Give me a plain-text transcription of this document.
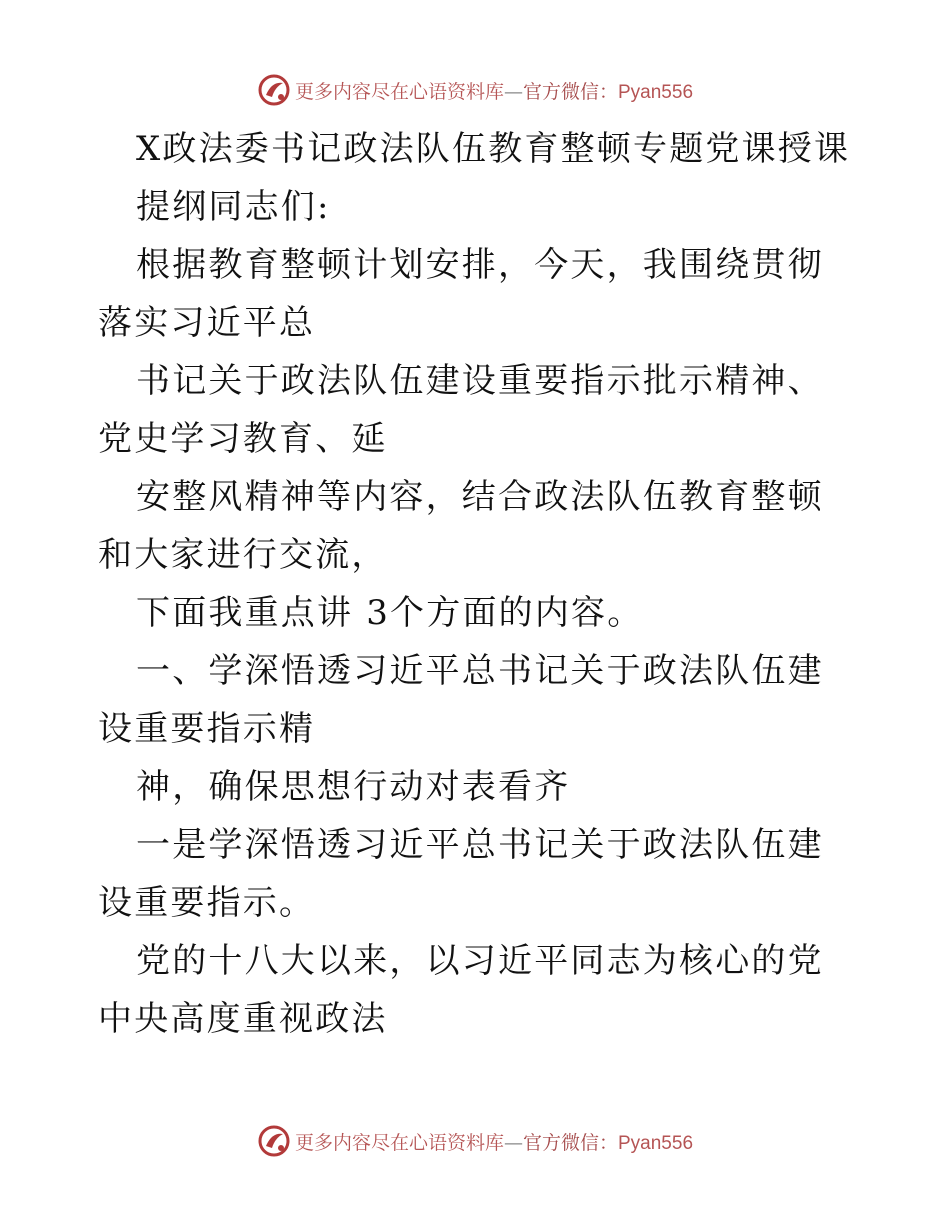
更多内容尽在心语资料库—官方微信：Pyan556

X政法委书记政法队伍教育整顿专题党课授课

提纲同志们:

根据教育整顿计划安排，今天，我围绕贯彻落实习近平总

书记关于政法队伍建设重要指示批示精神、党史学习教育、延

安整风精神等内容，结合政法队伍教育整顿和大家进行交流，

下面我重点讲 3个方面的内容。

一、学深悟透习近平总书记关于政法队伍建设重要指示精

神，确保思想行动对表看齐

一是学深悟透习近平总书记关于政法队伍建设重要指示。

党的十八大以来，以习近平同志为核心的党中央高度重视政法

更多内容尽在心语资料库—官方微信：Pyan556
